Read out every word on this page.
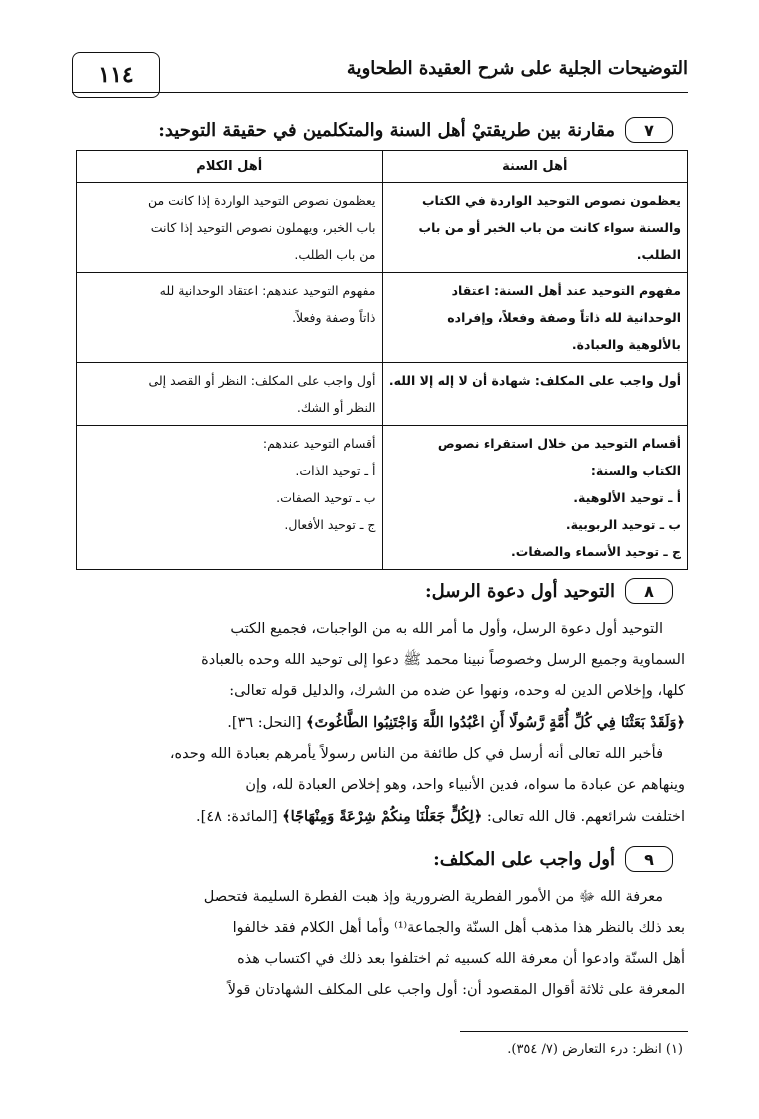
التوضيحات الجلية على شرح العقيدة الطحاوية
١١٤
٧
مقارنة بين طريقتيْ أهل السنة والمتكلمين في حقيقة التوحيد:
أهل السنة	أهل الكلام

يعظمون نصوص التوحيد الواردة في الكتاب
والسنة سواء كانت من باب الخبر أو من باب
الطلب.	يعظمون نصوص التوحيد الواردة إذا كانت من
باب الخبر، ويهملون نصوص التوحيد إذا كانت
من باب الطلب.

مفهوم التوحيد عند أهل السنة: اعتقاد
الوحدانية لله ذاتاً وصفة وفعلاً، وإفراده
بالألوهية والعبادة.	مفهوم التوحيد عندهم: اعتقاد الوحدانية لله
ذاتاً وصفة وفعلاً.

أول واجب على المكلف: شهادة أن لا إله إلا الله.	أول واجب على المكلف: النظر أو القصد إلى
النظر أو الشك.

أقسام التوحيد من خلال استقراء نصوص
الكتاب والسنة:
أ ـ توحيد الألوهية.
ب ـ توحيد الربوبية.
ج ـ توحيد الأسماء والصفات.	أقسام التوحيد عندهم:
أ ـ توحيد الذات.
ب ـ توحيد الصفات.
ج ـ توحيد الأفعال.
٨
التوحيد أول دعوة الرسل:
التوحيد أول دعوة الرسل، وأول ما أمر الله به من الواجبات، فجميع الكتب
السماوية وجميع الرسل وخصوصاً نبينا محمد ﷺ دعوا إلى توحيد الله وحده بالعبادة
كلها، وإخلاص الدين له وحده، ونهوا عن ضده من الشرك، والدليل قوله تعالى:
﴿وَلَقَدْ بَعَثْنَا فِي كُلِّ أُمَّةٍ رَّسُولًا أَنِ اعْبُدُوا اللَّهَ وَاجْتَنِبُوا الطَّاغُوتَ﴾ [النحل: ٣٦].
فأخبر الله تعالى أنه أرسل في كل طائفة من الناس رسولاً يأمرهم بعبادة الله وحده،
وينهاهم عن عبادة ما سواه، فدين الأنبياء واحد، وهو إخلاص العبادة لله، وإن
اختلفت شرائعهم. قال الله تعالى: ﴿لِكُلٍّ جَعَلْنَا مِنكُمْ شِرْعَةً وَمِنْهَاجًا﴾ [المائدة: ٤٨].
٩
أول واجب على المكلف:
معرفة الله ﷻ من الأمور الفطرية الضرورية وإذ هبت الفطرة السليمة فتحصل
بعد ذلك بالنظر هذا مذهب أهل السنّة والجماعة⁽¹⁾ وأما أهل الكلام فقد خالفوا
أهل السنّة وادعوا أن معرفة الله كسبيه ثم اختلفوا بعد ذلك في اكتساب هذه
المعرفة على ثلاثة أقوال المقصود أن: أول واجب على المكلف الشهادتان قولاً
(١) انظر: درء التعارض (٧/ ٣٥٤).
